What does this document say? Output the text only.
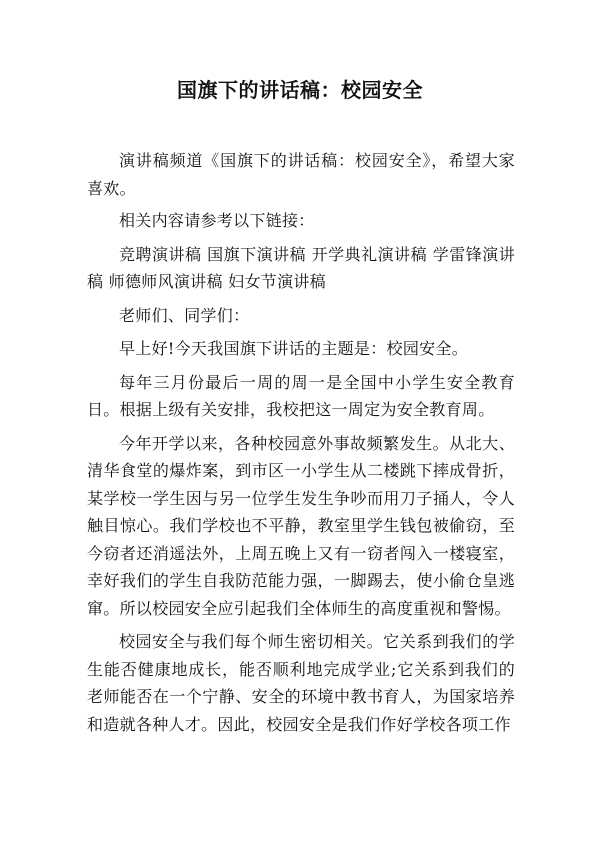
国旗下的讲话稿：校园安全

演讲稿频道《国旗下的讲话稿：校园安全》，希望大家喜欢。

相关内容请参考以下链接：

竞聘演讲稿 国旗下演讲稿 开学典礼演讲稿 学雷锋演讲稿 师德师风演讲稿 妇女节演讲稿

老师们、同学们：

早上好!今天我国旗下讲话的主题是：校园安全。

每年三月份最后一周的周一是全国中小学生安全教育日。根据上级有关安排，我校把这一周定为安全教育周。

今年开学以来，各种校园意外事故频繁发生。从北大、清华食堂的爆炸案，到市区一小学生从二楼跳下摔成骨折，某学校一学生因与另一位学生发生争吵而用刀子捅人，令人触目惊心。我们学校也不平静，教室里学生钱包被偷窃，至今窃者还消遥法外，上周五晚上又有一窃者闯入一楼寝室，幸好我们的学生自我防范能力强，一脚踢去，使小偷仓皇逃窜。所以校园安全应引起我们全体师生的高度重视和警惕。

校园安全与我们每个师生密切相关。它关系到我们的学生能否健康地成长，能否顺利地完成学业;它关系到我们的老师能否在一个宁静、安全的环境中教书育人，为国家培养和造就各种人才。因此，校园安全是我们作好学校各项工作
